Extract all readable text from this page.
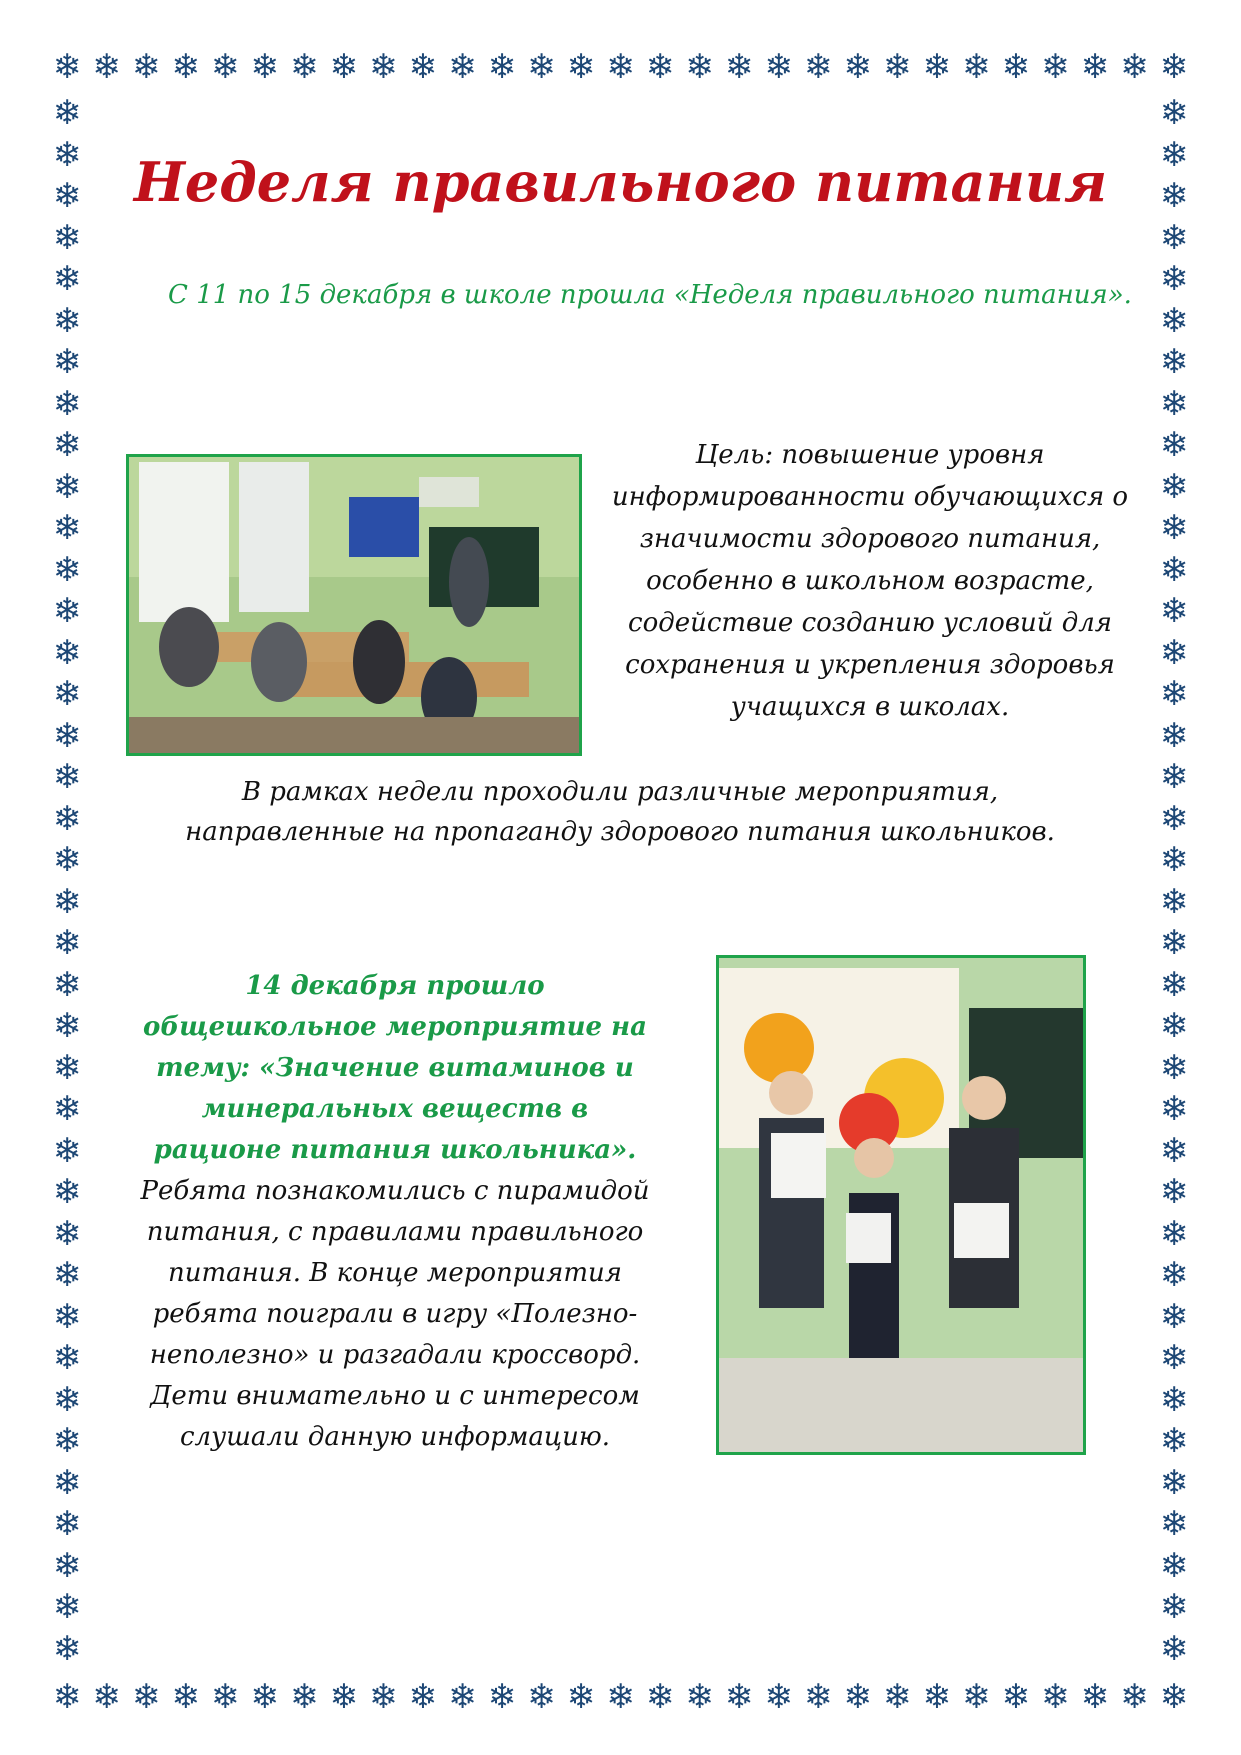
❄ ❄ ❄ ❄ ❄ ❄ ❄ ❄ ❄ ❄ ❄ ❄ ❄ ❄ ❄ ❄ ❄ ❄ ❄ ❄ ❄ ❄ ❄ ❄ ❄ ❄ ❄ ❄ ❄
❄ ❄ ❄ ❄ ❄ ❄ ❄ ❄ ❄ ❄ ❄ ❄ ❄ ❄ ❄ ❄ ❄ ❄ ❄ ❄ ❄ ❄ ❄ ❄ ❄ ❄ ❄ ❄ ❄
❄
❄
❄
❄
❄
❄
❄
❄
❄
❄
❄
❄
❄
❄
❄
❄
❄
❄
❄
❄
❄
❄
❄
❄
❄
❄
❄
❄
❄
❄
❄
❄
❄
❄
❄
❄
❄
❄
❄
❄
❄
❄
❄
❄
❄
❄
❄
❄
❄
❄
❄
❄
❄
❄
❄
❄
❄
❄
❄
❄
❄
❄
❄
❄
❄
❄
❄
❄
❄
❄
❄
❄
❄
❄
❄
❄
Неделя правильного питания

С 11 по 15 декабря в школе прошла «Неделя правильного питания».

Цель: повышение уровня информированности обучающихся о значимости здорового питания, особенно в школьном возрасте, содействие созданию условий для сохранения и укрепления здоровья учащихся в школах.

В рамках недели проходили различные мероприятия, направленные на пропаганду здорового питания школьников.

14 декабря прошло общешкольное мероприятие на тему: «Значение витаминов и минеральных веществ в рационе питания школьника». Ребята познакомились с пирамидой питания, с правилами правильного питания. В конце мероприятия ребята поиграли в игру «Полезно-неполезно» и разгадали кроссворд. Дети внимательно и с интересом слушали данную информацию.
